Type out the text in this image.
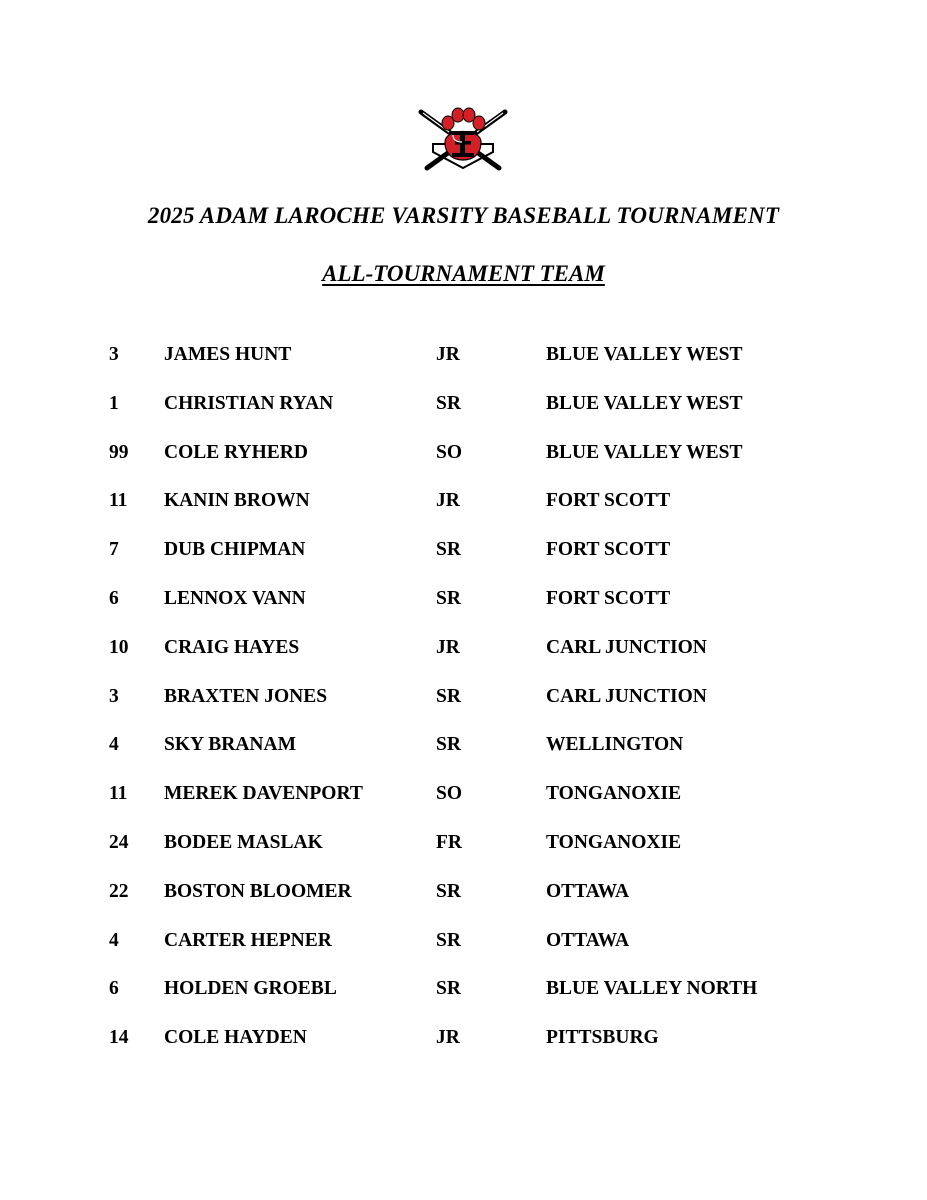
2025 ADAM LAROCHE VARSITY BASEBALL TOURNAMENT
ALL-TOURNAMENT TEAM
3 JAMES HUNT	JR	BLUE VALLEY WEST
1 CHRISTIAN RYAN	SR	BLUE VALLEY WEST
99 COLE RYHERD	SO	BLUE VALLEY WEST
11 KANIN BROWN	JR	FORT SCOTT
7 DUB CHIPMAN	SR	FORT SCOTT
6 LENNOX VANN	SR	FORT SCOTT
10 CRAIG HAYES	JR	CARL JUNCTION
3 BRAXTEN JONES	SR	CARL JUNCTION
4 SKY BRANAM	SR	WELLINGTON
11 MEREK DAVENPORT	SO	TONGANOXIE
24 BODEE MASLAK	FR	TONGANOXIE
22 BOSTON BLOOMER	SR	OTTAWA
4 CARTER HEPNER	SR	OTTAWA
6 HOLDEN GROEBL	SR	BLUE VALLEY NORTH
14 COLE HAYDEN	JR	PITTSBURG
